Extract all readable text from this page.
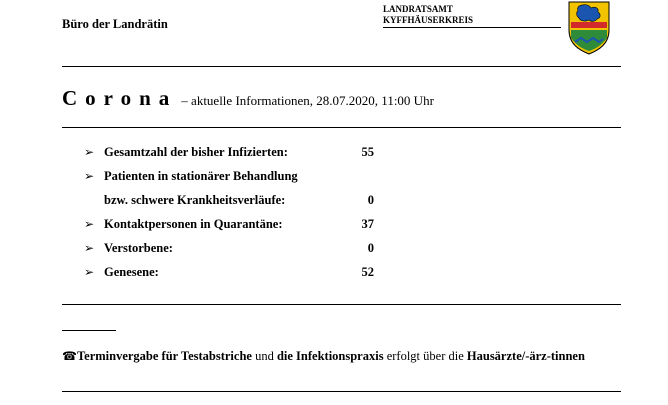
Büro der Landrätin
LANDRATSAMT
KYFFHÄUSERKREIS
Corona – aktuelle Informationen, 28.07.2020, 11:00 Uhr
➢ Gesamtzahl der bisher Infizierten:	55
➢ Patienten in stationärer Behandlung
bzw. schwere Krankheitsverläufe:	0
➢ Kontaktpersonen in Quarantäne:	37
➢ Verstorbene:	0
➢ Genesene:	52
☎Terminvergabe für Testabstriche und die Infektionspraxis erfolgt über die Hausärzte/-ärz-tinnen
